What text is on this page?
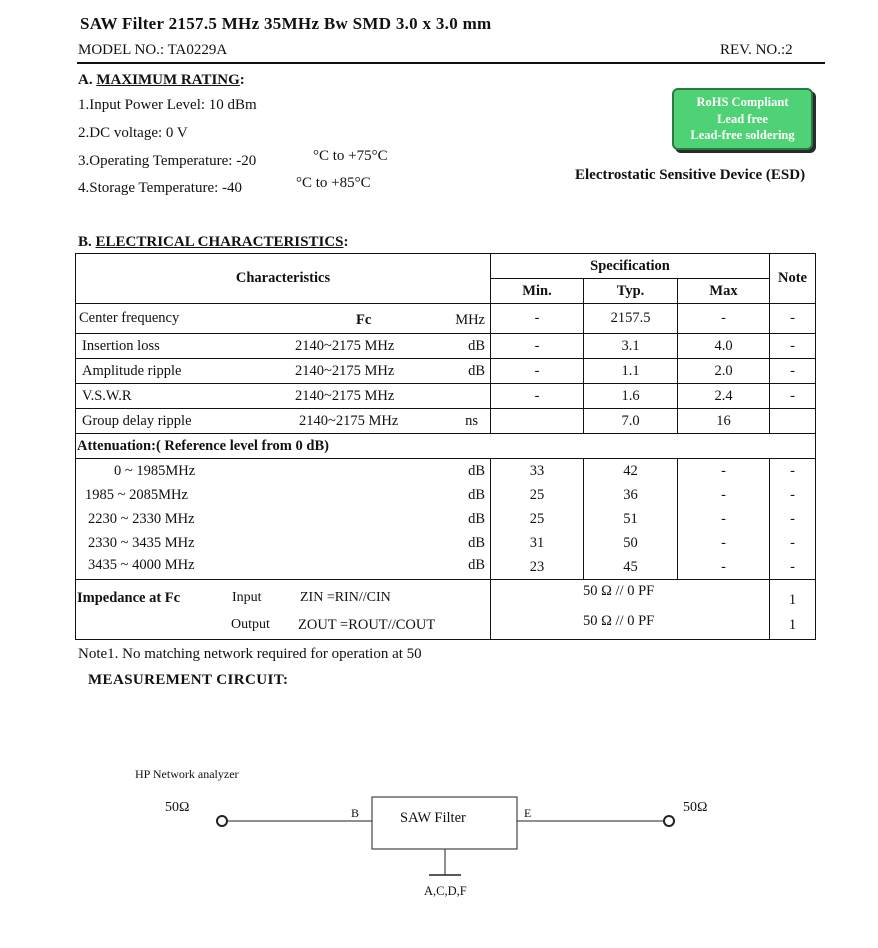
SAW Filter 2157.5 MHz 35MHz Bw SMD 3.0 x 3.0 mm
MODEL NO.: TA0229A	REV. NO.:2
A. MAXIMUM RATING:
1.Input Power Level: 10 dBm
2.DC voltage: 0 V
3.Operating Temperature: -20	°C to +75°C
4.Storage Temperature: -40	°C to +85°C
RoHS Compliant
Lead free
Lead-free soldering
Electrostatic Sensitive Device (ESD)
B. ELECTRICAL CHARACTERISTICS:
Characteristics	Specification			Note
	Min.	Typ.	Max	
Center frequency Fc MHz	-	2157.5	-	-
Insertion loss 2140~2175 MHz dB	-	3.1	4.0	-
Amplitude ripple 2140~2175 MHz dB	-	1.1	2.0	-
V.S.W.R 2140~2175 MHz	-	1.6	2.4	-
Group delay ripple 2140~2175 MHz ns		7.0	16	
Attenuation:( Reference level from 0 dB)				

0 ~ 1985MHz dB	33	42	-	-

1985 ~ 2085MHz dB	25	36	-	-

2230 ~ 2330 MHz dB	25	51	-	-

2330 ~ 3435 MHz dB	31	50	-	-

3435 ~ 4000 MHz dB	23	45	-	-

Impedance at Fc Input ZIN =RIN//CIN	50 Ω // 0 PF			1

Output ZOUT =ROUT//COUT	50 Ω // 0 PF			1
Note1. No matching network required for operation at 50
MEASUREMENT CIRCUIT:
HP Network analyzer
50Ω	50Ω
B	E
SAW Filter
A,C,D,F
